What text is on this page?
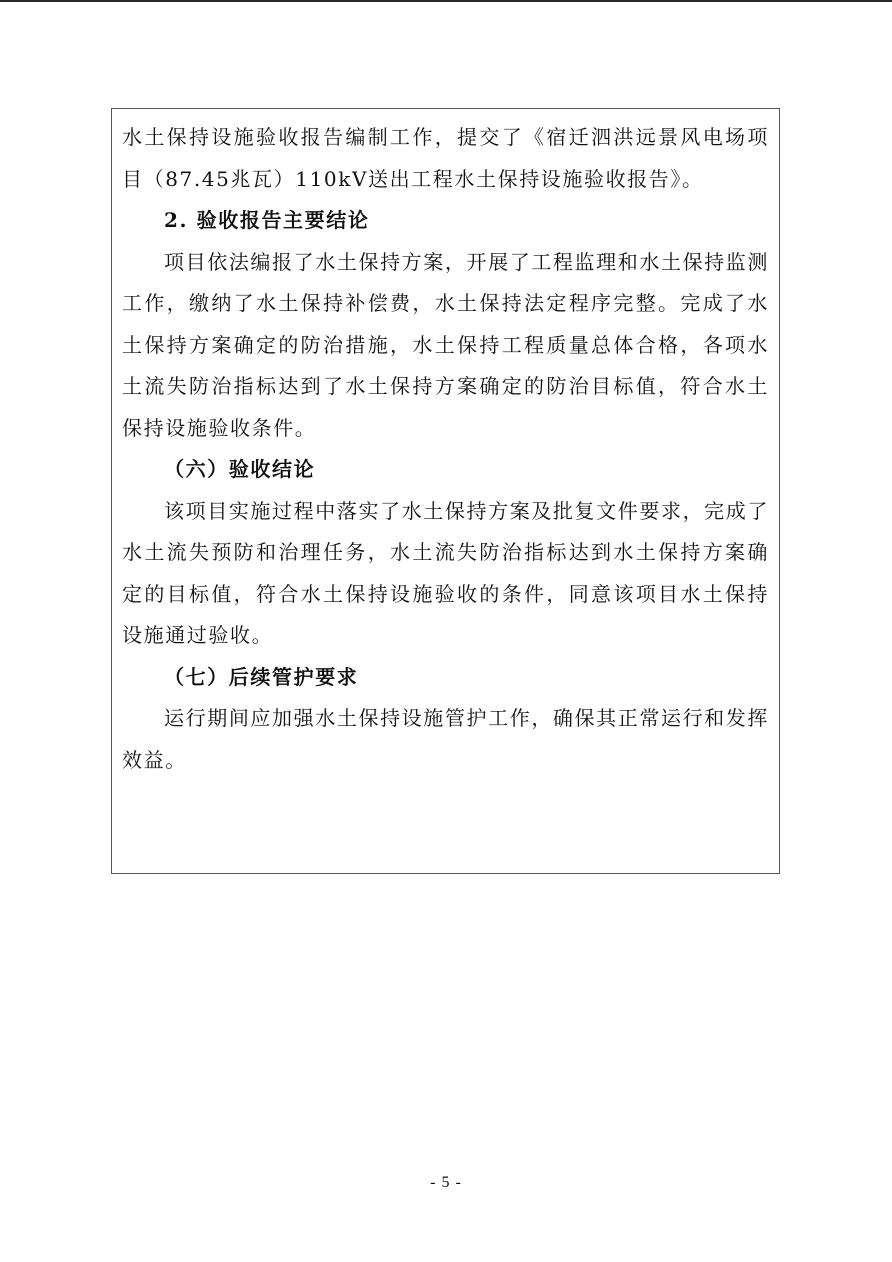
水土保持设施验收报告编制工作，提交了《宿迁泗洪远景风电场项目（87.45兆瓦）110kV送出工程水土保持设施验收报告》。

2. 验收报告主要结论

项目依法编报了水土保持方案，开展了工程监理和水土保持监测工作，缴纳了水土保持补偿费，水土保持法定程序完整。完成了水土保持方案确定的防治措施，水土保持工程质量总体合格，各项水土流失防治指标达到了水土保持方案确定的防治目标值，符合水土保持设施验收条件。

（六）验收结论

该项目实施过程中落实了水土保持方案及批复文件要求，完成了水土流失预防和治理任务，水土流失防治指标达到水土保持方案确定的目标值，符合水土保持设施验收的条件，同意该项目水土保持设施通过验收。

（七）后续管护要求

运行期间应加强水土保持设施管护工作，确保其正常运行和发挥效益。

- 5 -
